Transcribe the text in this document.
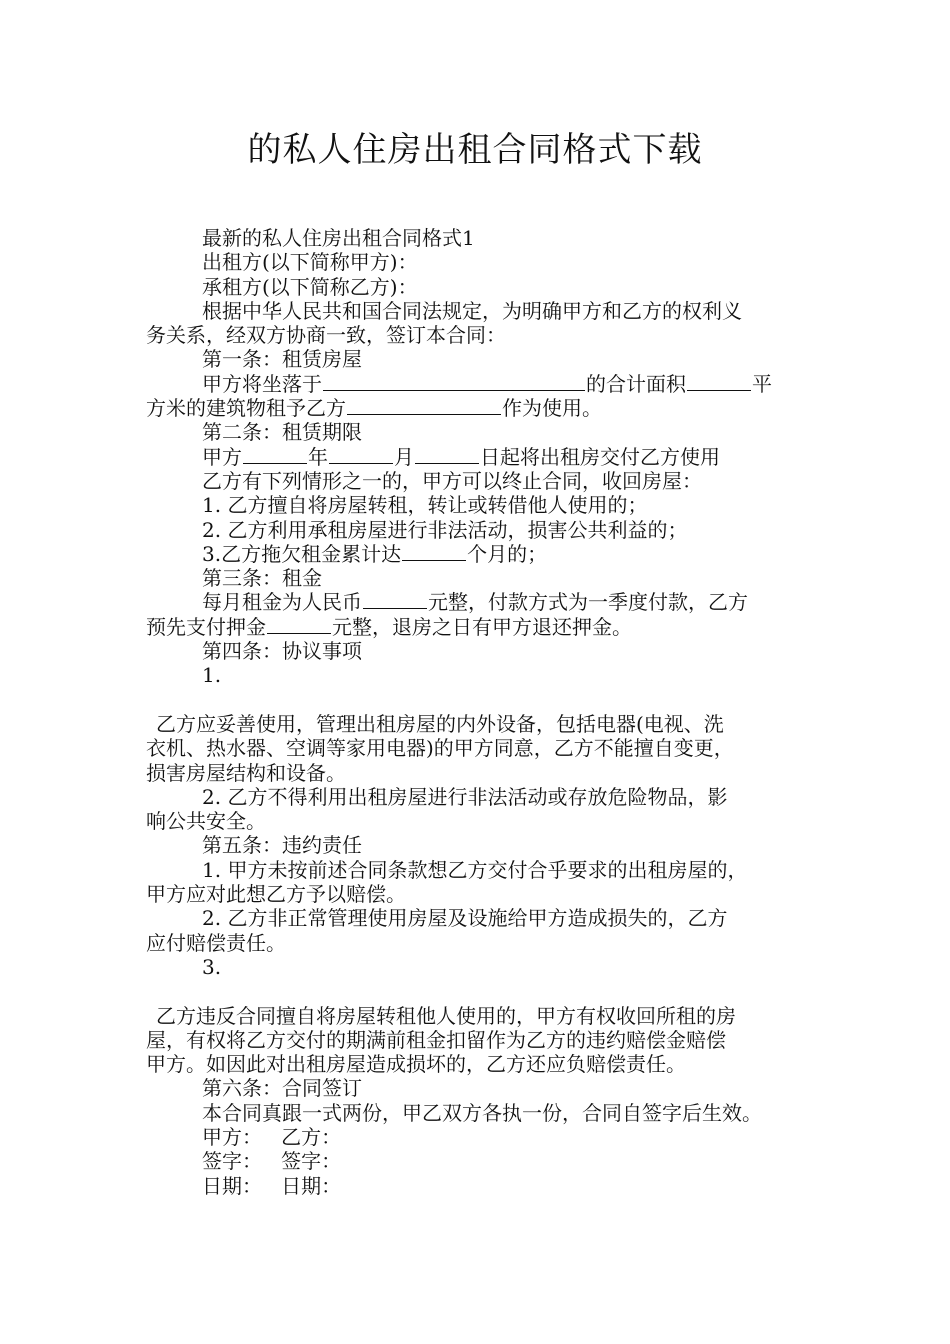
的私人住房出租合同格式下载

最新的私人住房出租合同格式1

出租方(以下简称甲方)：

承租方(以下简称乙方)：

根据中华人民共和国合同法规定，为明确甲方和乙方的权利义

务关系，经双方协商一致，签订本合同：

第一条：租赁房屋

甲方将坐落于	的合计面积	平

方米的建筑物租予乙方	作为使用。

第二条：租赁期限

甲方	年	月	日起将出租房交付乙方使用

乙方有下列情形之一的，甲方可以终止合同，收回房屋：

1. 乙方擅自将房屋转租，转让或转借他人使用的；

2. 乙方利用承租房屋进行非法活动，损害公共利益的；

3.乙方拖欠租金累计达	个月的；

第三条：租金

每月租金为人民币	元整，付款方式为一季度付款，乙方

预先支付押金	元整，退房之日有甲方退还押金。

第四条：协议事项

1.

乙方应妥善使用，管理出租房屋的内外设备，包括电器(电视、洗

衣机、热水器、空调等家用电器)的甲方同意，乙方不能擅自变更，

损害房屋结构和设备。

2. 乙方不得利用出租房屋进行非法活动或存放危险物品，影

响公共安全。

第五条：违约责任

1. 甲方未按前述合同条款想乙方交付合乎要求的出租房屋的，

甲方应对此想乙方予以赔偿。

2. 乙方非正常管理使用房屋及设施给甲方造成损失的，乙方

应付赔偿责任。

3.

乙方违反合同擅自将房屋转租他人使用的，甲方有权收回所租的房

屋，有权将乙方交付的期满前租金扣留作为乙方的违约赔偿金赔偿

甲方。如因此对出租房屋造成损坏的，乙方还应负赔偿责任。

第六条：合同签订

本合同真跟一式两份，甲乙双方各执一份，合同自签字后生效。

甲方：   乙方：

签字：   签字：

日期：   日期：
